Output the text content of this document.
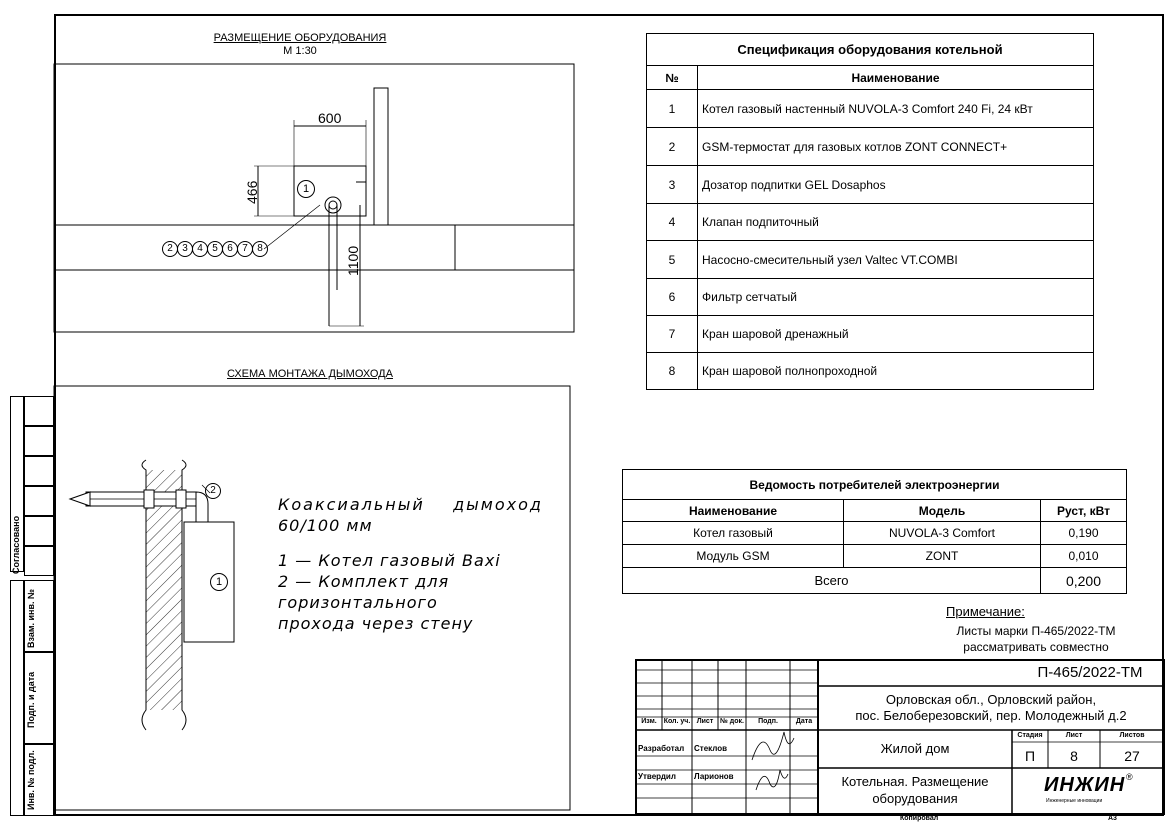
Согласовано
Взам. инв. №
Подп. и дата
Инв. № подл.
РАЗМЕЩЕНИЕ ОБОРУДОВАНИЯ
М 1:30
600
466
1100
1
2 3 4 5 6 7 8
СХЕМА МОНТАЖА ДЫМОХОДА
2
1
Коаксиальный    дымоход
60/100 мм
1 — Котел газовый Baxi
2 — Комплект для
горизонтального
прохода через стену
Спецификация оборудования котельной	
№	Наименование
1	Котел газовый настенный NUVOLA-3 Comfort 240 Fi, 24 кВт
2	GSM-термостат для газовых котлов ZONT CONNECT+
3	Дозатор подпитки GEL Dosaphos
4	Клапан подпиточный
5	Насосно-смесительный узел Valtec VT.COMBI
6	Фильтр сетчатый
7	Кран шаровой дренажный
8	Кран шаровой полнопроходной
Ведомость потребителей электроэнергии		
Наименование	Модель	Руст, кВт
Котел газовый	NUVOLA-3 Comfort	0,190
Модуль GSM	ZONT	0,010
Всего		0,200
Примечание:
Листы марки П-465/2022-ТМ
рассматривать совместно
П-465/2022-ТМ
Орловская обл., Орловский район,
пос. Белоберезовский, пер. Молодежный д.2
Жилой дом
Котельная. Размещение
оборудования
Стадия	Лист	Листов
П	8	27
Изм. Кол. уч. Лист № док.	Подп.	Дата
Разработал Стеклов
Утвердил Ларионов	ИНЖИН ®
Инженерные инновации
Копировал	А3
